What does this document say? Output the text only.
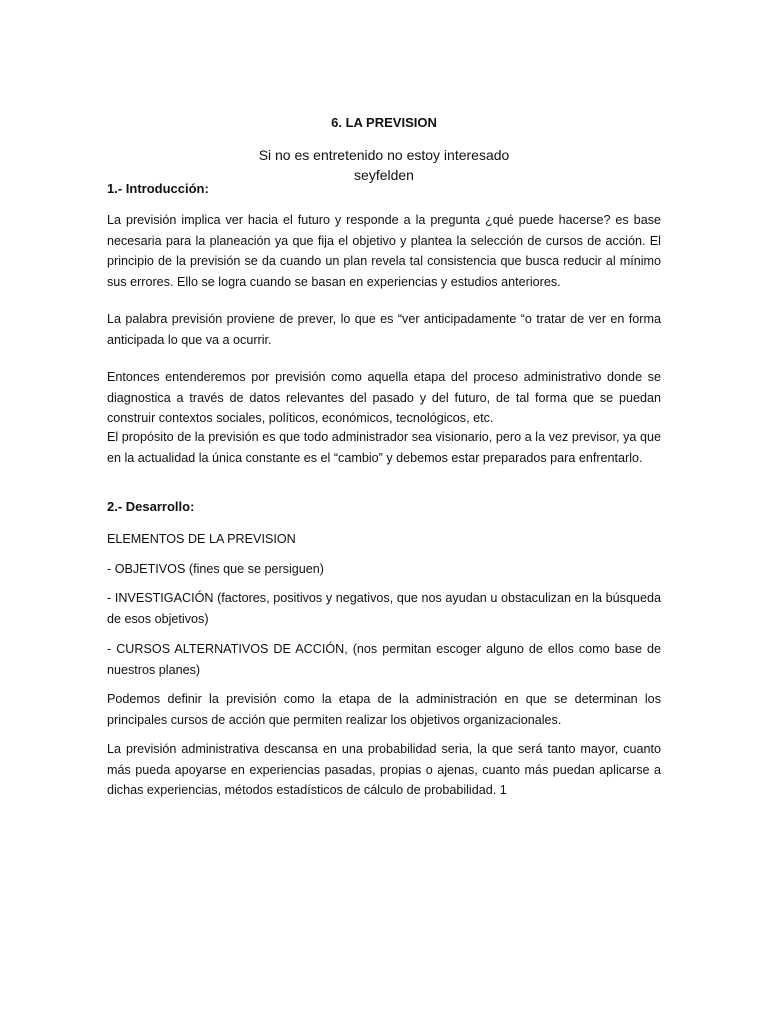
6. LA PREVISION

Si no es entretenido no estoy interesado
seyfelden

1.- Introducción:

La previsión implica ver hacia el futuro y responde a la pregunta ¿qué puede hacerse? es base necesaria para la planeación ya que fija el objetivo y plantea la selección de cursos de acción. El principio de la previsión se da cuando un plan revela tal consistencia que busca reducir al mínimo sus errores. Ello se logra cuando se basan en experiencias y estudios anteriores.

La palabra previsión proviene de prever, lo que es “ver anticipadamente “o tratar de ver en forma anticipada lo que va a ocurrir.

Entonces entenderemos por previsión como aquella etapa del proceso administrativo donde se diagnostica a través de datos relevantes del pasado y del futuro, de tal forma que se puedan construir contextos sociales, políticos, económicos, tecnológicos, etc.

El propósito de la previsión es que todo administrador sea visionario, pero a la vez previsor, ya que en la actualidad la única constante es el “cambio” y debemos estar preparados para enfrentarlo.

2.- Desarrollo:

ELEMENTOS DE LA PREVISION

- OBJETIVOS (fines que se persiguen)

- INVESTIGACIÓN (factores, positivos y negativos, que nos ayudan u obstaculizan en la búsqueda de esos objetivos)

- CURSOS ALTERNATIVOS DE ACCIÓN, (nos permitan escoger alguno de ellos como base de nuestros planes)

Podemos definir la previsión como la etapa de la administración en que se determinan los principales cursos de acción que permiten realizar los objetivos organizacionales.

La previsión administrativa descansa en una probabilidad seria, la que será tanto mayor, cuanto más pueda apoyarse en experiencias pasadas, propias o ajenas, cuanto más puedan aplicarse a dichas experiencias, métodos estadísticos de cálculo de probabilidad. 1
